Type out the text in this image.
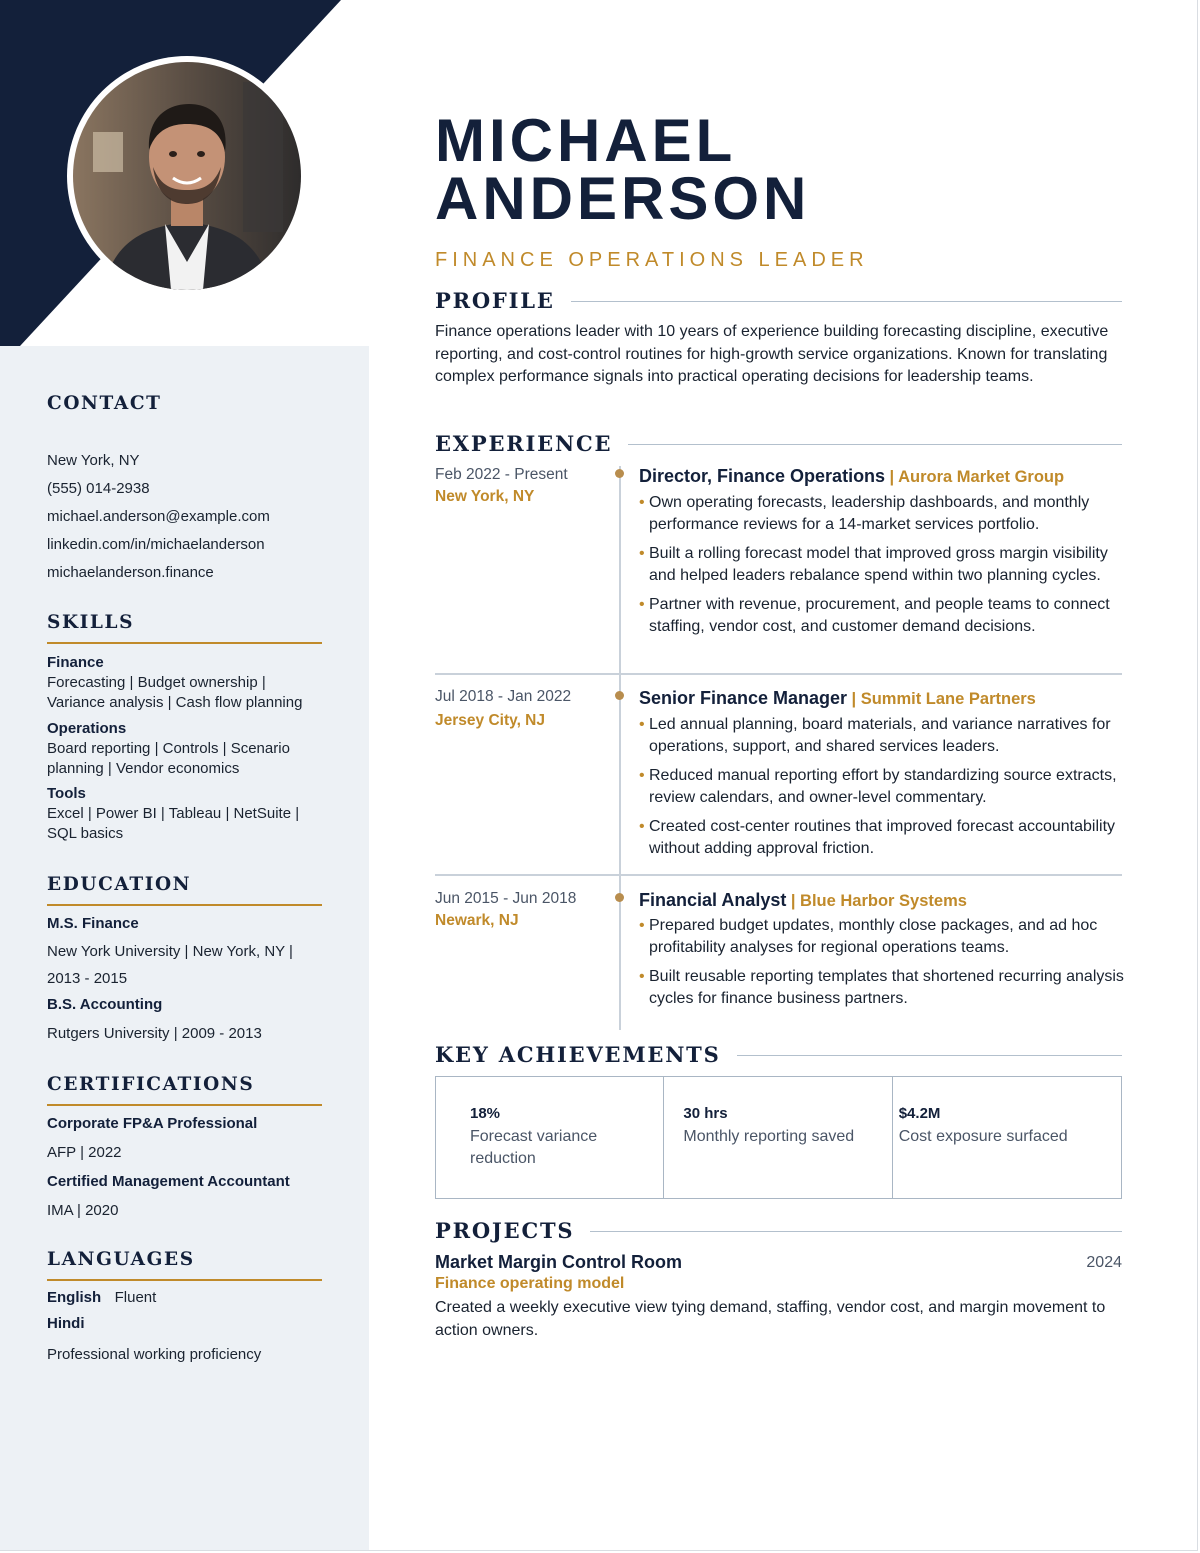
CONTACT
New York, NY
(555) 014-2938
michael.anderson@example.com
linkedin.com/in/michaelanderson
michaelanderson.finance
SKILLS
Finance
Forecasting | Budget ownership | Variance analysis | Cash flow planning
Operations
Board reporting | Controls | Scenario planning | Vendor economics
Tools
Excel | Power BI | Tableau | NetSuite | SQL basics
EDUCATION
M.S. Finance
New York University | New York, NY | 2013 - 2015
B.S. Accounting
Rutgers University | 2009 - 2013
CERTIFICATIONS
Corporate FP&A Professional
AFP | 2022
Certified Management Accountant
IMA | 2020
LANGUAGES
English Fluent
Hindi
Professional working proficiency
MICHAEL
ANDERSON
FINANCE OPERATIONS LEADER
PROFILE
Finance operations leader with 10 years of experience building forecasting discipline, executive reporting, and cost-control routines for high-growth service organizations. Known for translating complex performance signals into practical operating decisions for leadership teams.
EXPERIENCE
Feb 2022 - Present
New York, NY
Director, Finance Operations | Aurora Market Group
• Own operating forecasts, leadership dashboards, and monthly performance reviews for a 14-market services portfolio.
• Built a rolling forecast model that improved gross margin visibility and helped leaders rebalance spend within two planning cycles.
• Partner with revenue, procurement, and people teams to connect staffing, vendor cost, and customer demand decisions.
Jul 2018 - Jan 2022
Jersey City, NJ
Senior Finance Manager | Summit Lane Partners
• Led annual planning, board materials, and variance narratives for operations, support, and shared services leaders.
• Reduced manual reporting effort by standardizing source extracts, review calendars, and owner-level commentary.
• Created cost-center routines that improved forecast accountability without adding approval friction.
Jun 2015 - Jun 2018
Newark, NJ
Financial Analyst | Blue Harbor Systems
• Prepared budget updates, monthly close packages, and ad hoc profitability analyses for regional operations teams.
• Built reusable reporting templates that shortened recurring analysis cycles for finance business partners.
KEY ACHIEVEMENTS
18%
Forecast variance reduction
30 hrs
Monthly reporting saved
$4.2M
Cost exposure surfaced
PROJECTS
Market Margin Control Room	2024
Finance operating model
Created a weekly executive view tying demand, staffing, vendor cost, and margin movement to action owners.
